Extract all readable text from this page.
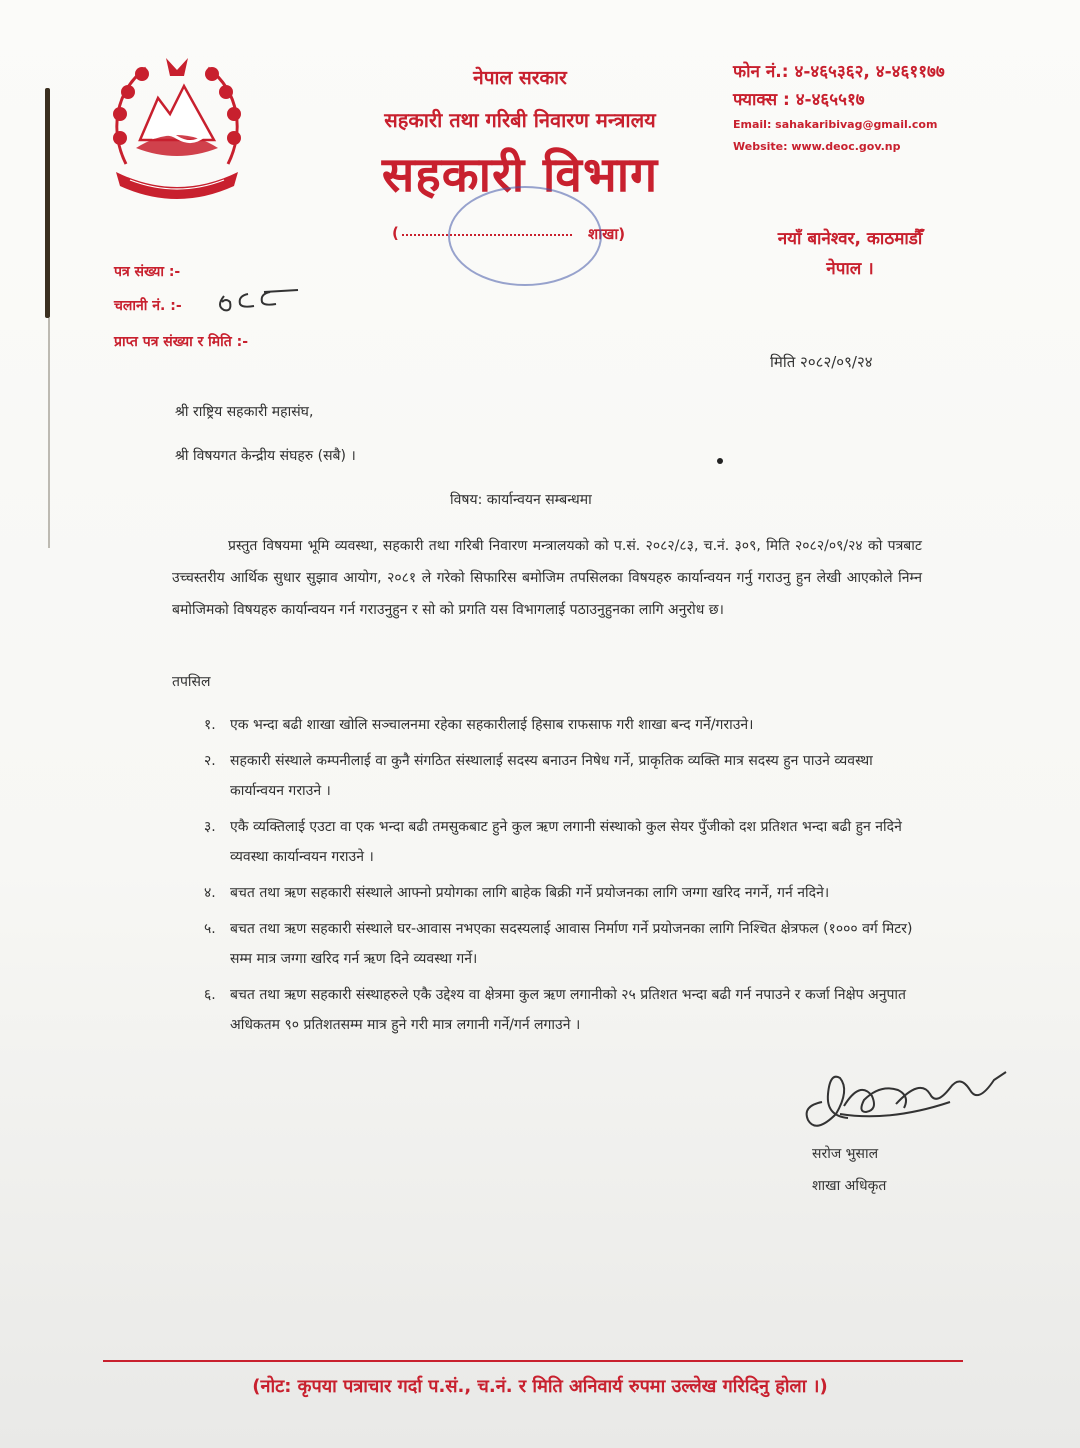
नेपाल सरकार
सहकारी तथा गरिबी निवारण मन्त्रालय
सहकारी विभाग
(	शाखा)
फोन नं.: ४-४६५३६२, ४-४६११७७
फ्याक्स : ४-४६५५१७
Email: sahakaribivag@gmail.com
Website: www.deoc.gov.np
नयाँ बानेश्वर, काठमाडौँ
नेपाल ।
पत्र संख्या :-
चलानी नं. :-
प्राप्त पत्र संख्या र मिति :-
मिति २०८२/०९/२४
श्री राष्ट्रिय सहकारी महासंघ,
श्री विषयगत केन्द्रीय संघहरु (सबै) ।
विषय: कार्यान्वयन सम्बन्धमा
प्रस्तुत विषयमा भूमि व्यवस्था, सहकारी तथा गरिबी निवारण मन्त्रालयको को प.सं. २०८२/८३, च.नं. ३०९, मिति २०८२/०९/२४ को पत्रबाट उच्चस्तरीय आर्थिक सुधार सुझाव आयोग, २०८१ ले गरेको सिफारिस बमोजिम तपसिलका विषयहरु कार्यान्वयन गर्नु गराउनु हुन लेखी आएकोले निम्न बमोजिमको विषयहरु कार्यान्वयन गर्न गराउनुहुन र सो को प्रगति यस विभागलाई पठाउनुहुनका लागि अनुरोध छ।
तपसिल
१. एक भन्दा बढी शाखा खोलि सञ्चालनमा रहेका सहकारीलाई हिसाब राफसाफ गरी शाखा बन्द गर्ने/गराउने।
२. सहकारी संस्थाले कम्पनीलाई वा कुनै संगठित संस्थालाई सदस्य बनाउन निषेध गर्ने, प्राकृतिक व्यक्ति मात्र सदस्य हुन पाउने व्यवस्था कार्यान्वयन गराउने ।
३. एकै व्यक्तिलाई एउटा वा एक भन्दा बढी तमसुकबाट हुने कुल ऋण लगानी संस्थाको कुल सेयर पुँजीको दश प्रतिशत भन्दा बढी हुन नदिने व्यवस्था कार्यान्वयन गराउने ।
४. बचत तथा ऋण सहकारी संस्थाले आफ्नो प्रयोगका लागि बाहेक बिक्री गर्ने प्रयोजनका लागि जग्गा खरिद नगर्ने, गर्न नदिने।
५. बचत तथा ऋण सहकारी संस्थाले घर-आवास नभएका सदस्यलाई आवास निर्माण गर्ने प्रयोजनका लागि निश्चित क्षेत्रफल (१००० वर्ग मिटर) सम्म मात्र जग्गा खरिद गर्न ऋण दिने व्यवस्था गर्ने।
६. बचत तथा ऋण सहकारी संस्थाहरुले एकै उद्देश्य वा क्षेत्रमा कुल ऋण लगानीको २५ प्रतिशत भन्दा बढी गर्न नपाउने र कर्जा निक्षेप अनुपात अधिकतम ९० प्रतिशतसम्म मात्र हुने गरी मात्र लगानी गर्ने/गर्न लगाउने ।
सरोज भुसाल
शाखा अधिकृत
(नोट: कृपया पत्राचार गर्दा प.सं., च.नं. र मिति अनिवार्य रुपमा उल्लेख गरिदिनु होला ।)
